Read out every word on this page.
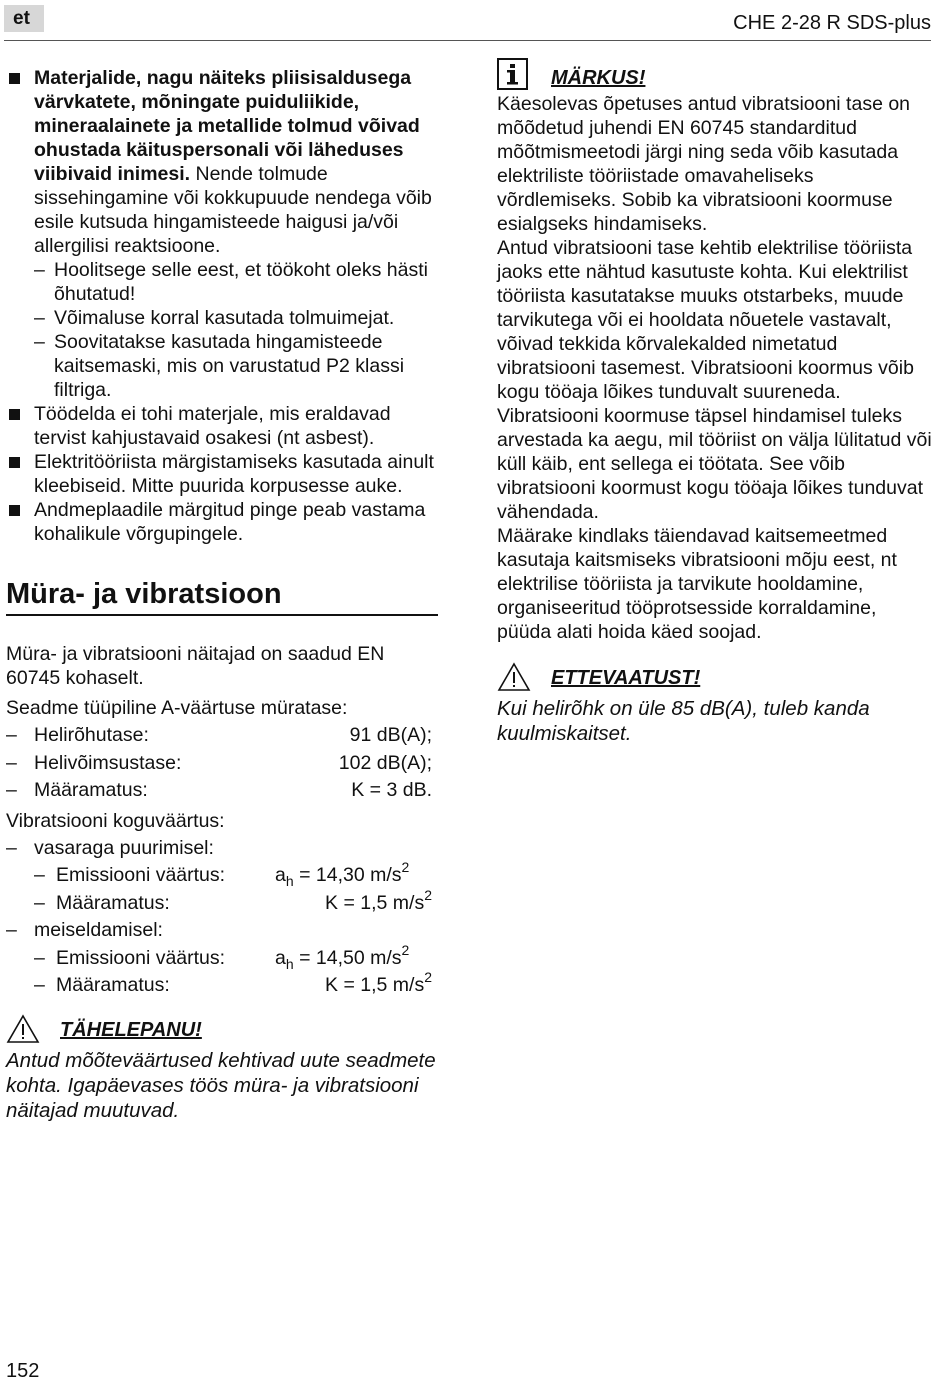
et	CHE 2-28 R SDS-plus

Materjalide, nagu näiteks pliisisaldusega värvkatete, mõningate puiduliikide, mineraalainete ja metallide tolmud võivad ohustada käituspersonali või läheduses viibivaid inimesi. Nende tolmude sissehingamine või kokkupuude nendega võib esile kutsuda hingamisteede haigusi ja/või allergilisi reaktsioone.

– Hoolitsege selle eest, et töökoht oleks hästi õhutatud!

– Võimaluse korral kasutada tolmuimejat.

– Soovitatakse kasutada hingamisteede kaitsemaski, mis on varustatud P2 klassi filtriga.

Töödelda ei tohi materjale, mis eraldavad tervist kahjustavaid osakesi (nt asbest).

Elektritööriista märgistamiseks kasutada ainult kleebiseid. Mitte puurida korpusesse auke.

Andmeplaadile märgitud pinge peab vastama kohalikule võrgupingele.

Müra- ja vibratsioon

Müra- ja vibratsiooni näitajad on saadud EN 60745 kohaselt.

Seadme tüüpiline A-väärtuse müratase:

– Helirõhutase:	91 dB(A);
– Helivõimsustase:	102 dB(A);
– Määramatus:	K = 3 dB.

Vibratsiooni koguväärtus:

– vasaraga puurimisel:
– Emissiooni väärtus:	$a_h = 14,30$ $m/s^2$
– Määramatus:	K = 1,5 $m/s^2$
– meiseldamisel:
– Emissiooni väärtus:	$a_h = 14,50$ $m/s^2$
– Määramatus:	K = 1,5 $m/s^2$
TÄHELEPANU!

Antud mõõteväärtused kehtivad uute seadmete kohta. Igapäevases töös müra- ja vibratsiooni näitajad muutuvad.

MÄRKUS!

Käesolevas õpetuses antud vibratsiooni tase on mõõdetud juhendi EN 60745 standarditud mõõtmismeetodi järgi ning seda võib kasutada elektriliste tööriistade omavaheliseks võrdlemiseks. Sobib ka vibratsiooni koormuse esialgseks hindamiseks.

Antud vibratsiooni tase kehtib elektrilise tööriista jaoks ette nähtud kasutuste kohta. Kui elektrilist tööriista kasutatakse muuks otstarbeks, muude tarvikutega või ei hooldata nõuetele vastavalt, võivad tekkida kõrvalekalded nimetatud vibratsiooni tasemest. Vibratsiooni koormus võib kogu tööaja lõikes tunduvalt suureneda.

Vibratsiooni koormuse täpsel hindamisel tuleks arvestada ka aegu, mil tööriist on välja lülitatud või küll käib, ent sellega ei töötata. See võib vibratsiooni koormust kogu tööaja lõikes tunduvat vähendada.

Määrake kindlaks täiendavad kaitsemeetmed kasutaja kaitsmiseks vibratsiooni mõju eest, nt elektrilise tööriista ja tarvikute hooldamine, organiseeritud tööprotsesside korraldamine, püüda alati hoida käed soojad.

ETTEVAATUST!

Kui helirõhk on üle 85 dB(A), tuleb kanda kuulmiskaitset.

152
